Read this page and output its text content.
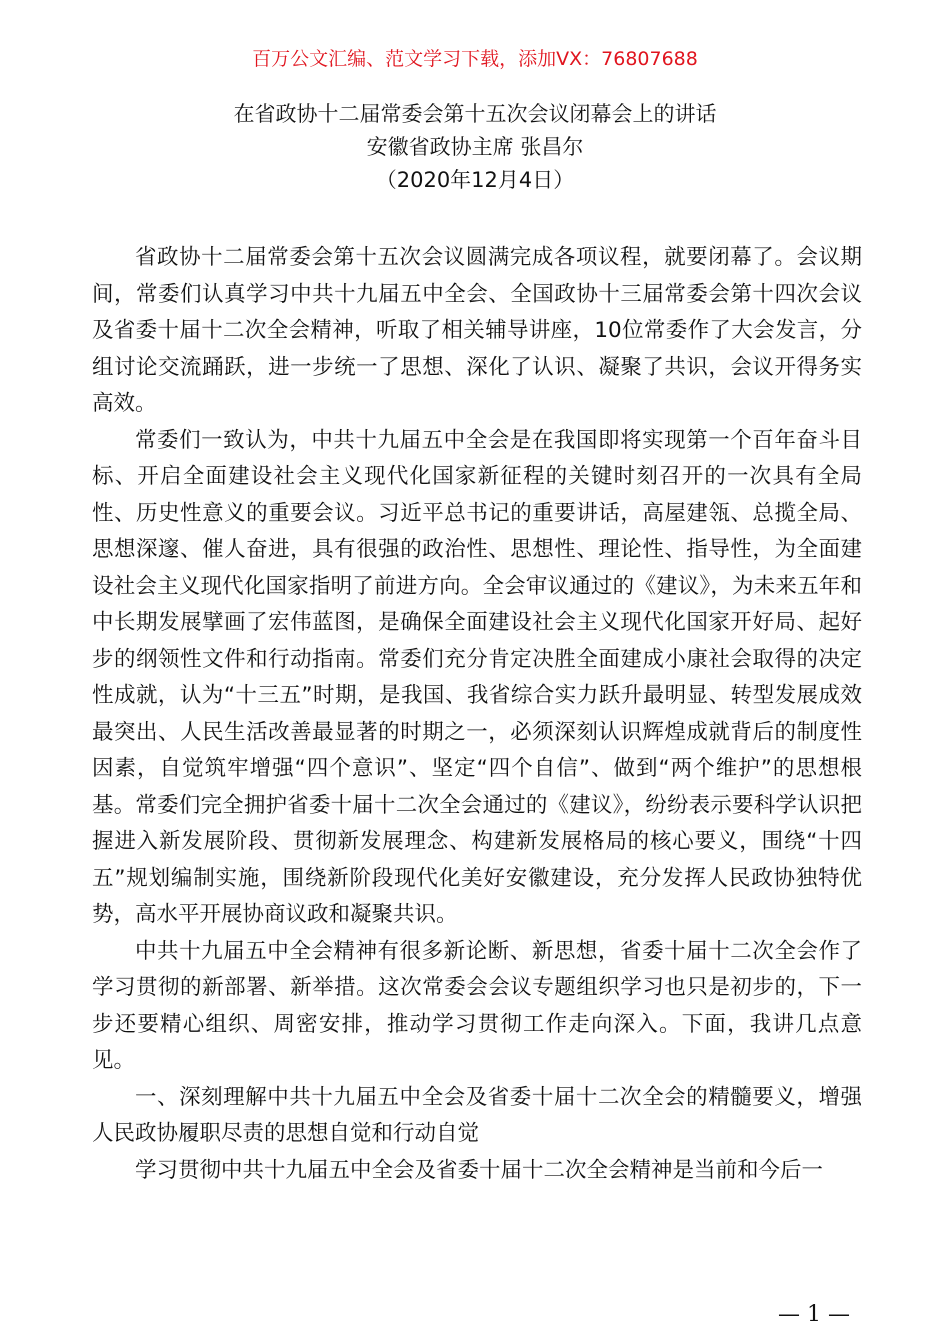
百万公文汇编、范文学习下载，添加VX：76807688
在省政协十二届常委会第十五次会议闭幕会上的讲话
安徽省政协主席 张昌尔
（2020年12月4日）

省政协十二届常委会第十五次会议圆满完成各项议程，就要闭幕了。会议期间，常委们认真学习中共十九届五中全会、全国政协十三届常委会第十四次会议及省委十届十二次全会精神，听取了相关辅导讲座，10位常委作了大会发言，分组讨论交流踊跃，进一步统一了思想、深化了认识、凝聚了共识，会议开得务实高效。

常委们一致认为，中共十九届五中全会是在我国即将实现第一个百年奋斗目标、开启全面建设社会主义现代化国家新征程的关键时刻召开的一次具有全局性、历史性意义的重要会议。习近平总书记的重要讲话，高屋建瓴、总揽全局、思想深邃、催人奋进，具有很强的政治性、思想性、理论性、指导性，为全面建设社会主义现代化国家指明了前进方向。全会审议通过的《建议》，为未来五年和中长期发展擘画了宏伟蓝图，是确保全面建设社会主义现代化国家开好局、起好步的纲领性文件和行动指南。常委们充分肯定决胜全面建成小康社会取得的决定性成就，认为“十三五”时期，是我国、我省综合实力跃升最明显、转型发展成效最突出、人民生活改善最显著的时期之一，必须深刻认识辉煌成就背后的制度性因素，自觉筑牢增强“四个意识”、坚定“四个自信”、做到“两个维护”的思想根基。常委们完全拥护省委十届十二次全会通过的《建议》，纷纷表示要科学认识把握进入新发展阶段、贯彻新发展理念、构建新发展格局的核心要义，围绕“十四五”规划编制实施，围绕新阶段现代化美好安徽建设，充分发挥人民政协独特优势，高水平开展协商议政和凝聚共识。

中共十九届五中全会精神有很多新论断、新思想，省委十届十二次全会作了学习贯彻的新部署、新举措。这次常委会会议专题组织学习也只是初步的，下一步还要精心组织、周密安排，推动学习贯彻工作走向深入。下面，我讲几点意见。

一、深刻理解中共十九届五中全会及省委十届十二次全会的精髓要义，增强人民政协履职尽责的思想自觉和行动自觉

学习贯彻中共十九届五中全会及省委十届十二次全会精神是当前和今后一

— 1 —
